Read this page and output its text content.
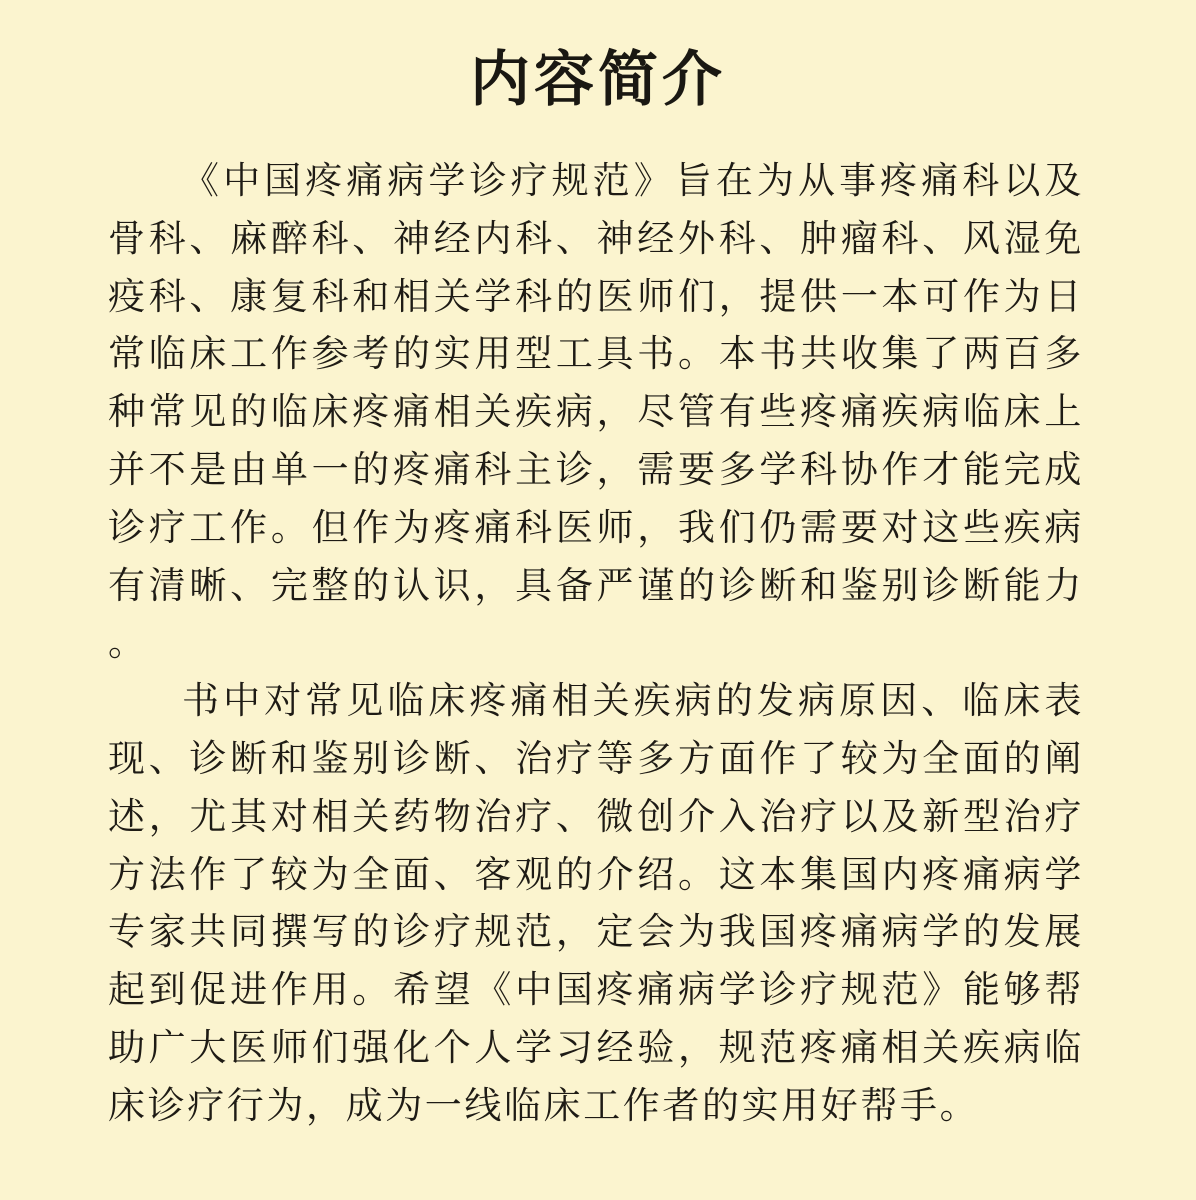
内容简介

《中国疼痛病学诊疗规范》旨在为从事疼痛科以及骨科、麻醉科、神经内科、神经外科、肿瘤科、风湿免疫科、康复科和相关学科的医师们，提供一本可作为日常临床工作参考的实用型工具书。本书共收集了两百多种常见的临床疼痛相关疾病，尽管有些疼痛疾病临床上并不是由单一的疼痛科主诊，需要多学科协作才能完成诊疗工作。但作为疼痛科医师，我们仍需要对这些疾病有清晰、完整的认识，具备严谨的诊断和鉴别诊断能力。

书中对常见临床疼痛相关疾病的发病原因、临床表现、诊断和鉴别诊断、治疗等多方面作了较为全面的阐述，尤其对相关药物治疗、微创介入治疗以及新型治疗方法作了较为全面、客观的介绍。这本集国内疼痛病学专家共同撰写的诊疗规范，定会为我国疼痛病学的发展起到促进作用。希望《中国疼痛病学诊疗规范》能够帮助广大医师们强化个人学习经验，规范疼痛相关疾病临床诊疗行为，成为一线临床工作者的实用好帮手。
